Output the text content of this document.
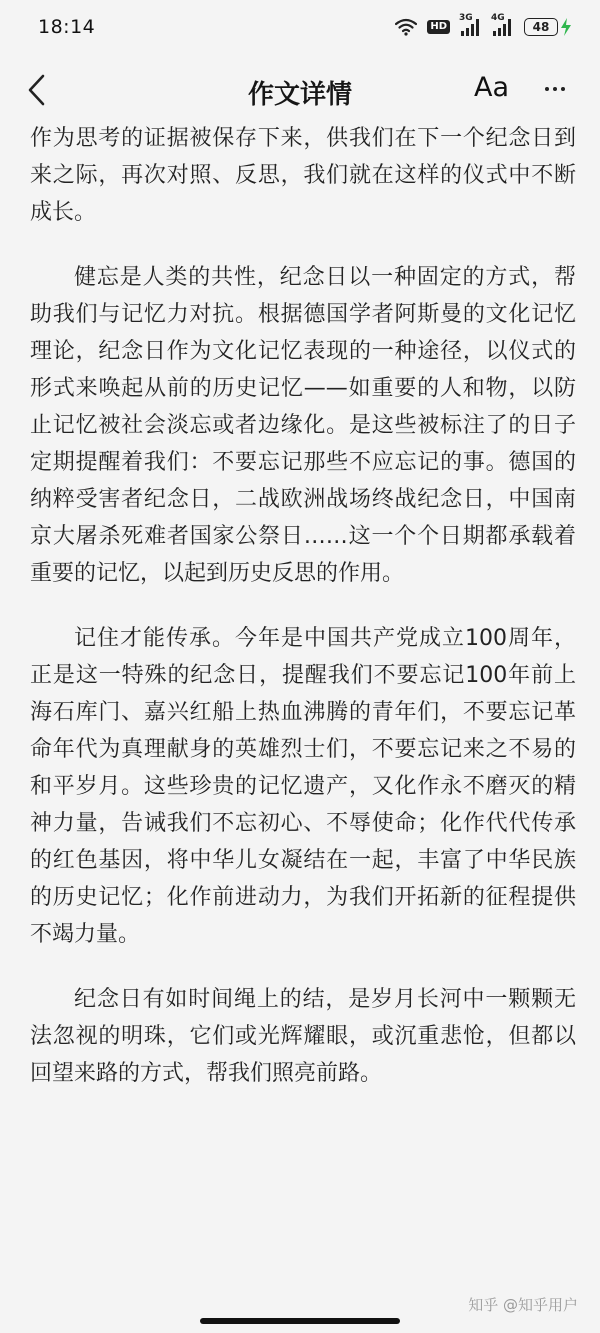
18:14	HD
3G 4G
48
作文详情	Aa

作为思考的证据被保存下来，供我们在下一个纪念日到来之际，再次对照、反思，我们就在这样的仪式中不断成长。

健忘是人类的共性，纪念日以一种固定的方式，帮助我们与记忆力对抗。根据德国学者阿斯曼的文化记忆理论，纪念日作为文化记忆表现的一种途径，以仪式的形式来唤起从前的历史记忆——如重要的人和物，以防止记忆被社会淡忘或者边缘化。是这些被标注了的日子定期提醒着我们：不要忘记那些不应忘记的事。德国的纳粹受害者纪念日，二战欧洲战场终战纪念日，中国南京大屠杀死难者国家公祭日……这一个个日期都承载着重要的记忆，以起到历史反思的作用。

记住才能传承。今年是中国共产党成立100周年，正是这一特殊的纪念日，提醒我们不要忘记100年前上海石库门、嘉兴红船上热血沸腾的青年们，不要忘记革命年代为真理献身的英雄烈士们，不要忘记来之不易的和平岁月。这些珍贵的记忆遗产，又化作永不磨灭的精神力量，告诫我们不忘初心、不辱使命；化作代代传承的红色基因，将中华儿女凝结在一起，丰富了中华民族的历史记忆；化作前进动力，为我们开拓新的征程提供不竭力量。

纪念日有如时间绳上的结，是岁月长河中一颗颗无法忽视的明珠，它们或光辉耀眼，或沉重悲怆，但都以回望来路的方式，帮我们照亮前路。

知乎 @知乎用户
